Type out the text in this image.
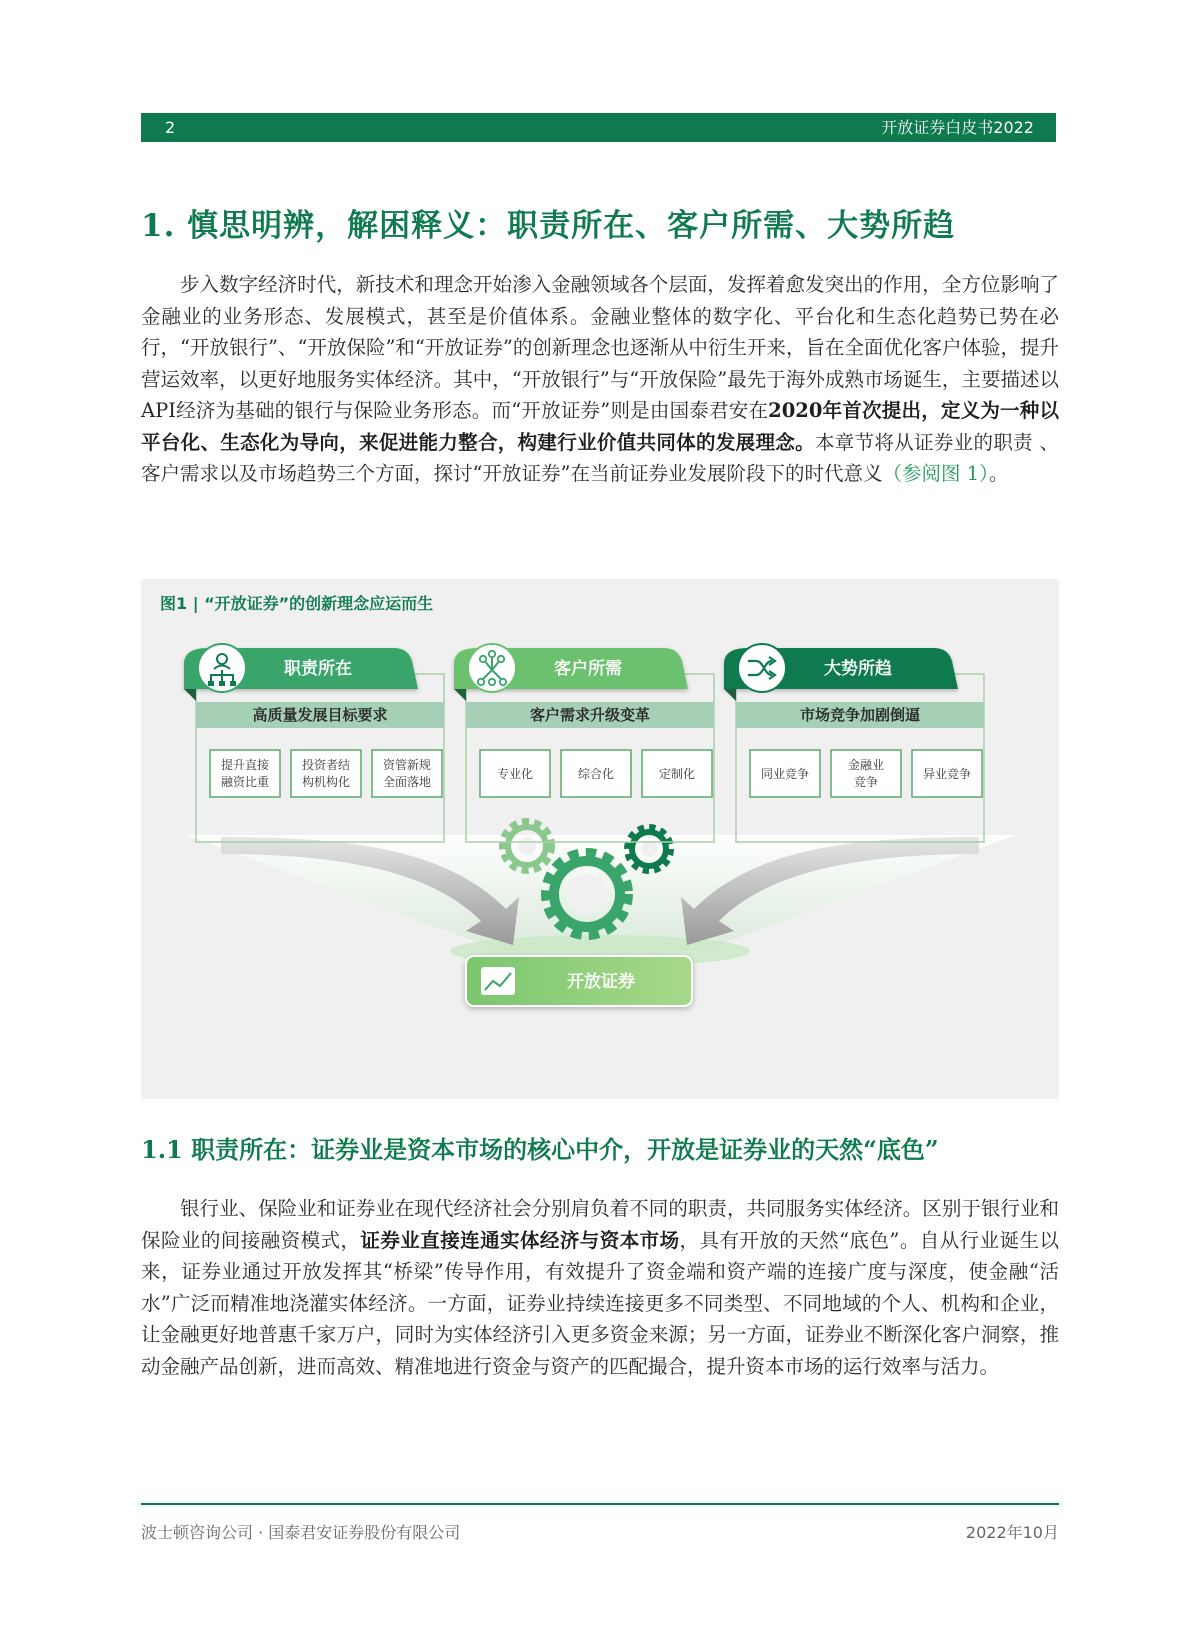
2	开放证券白皮书2022
1. 慎思明辨，解困释义：职责所在、客户所需、大势所趋

步入数字经济时代，新技术和理念开始渗入金融领域各个层面，发挥着愈发突出的作用，全方位影响了金融业的业务形态、发展模式，甚至是价值体系。金融业整体的数字化、平台化和生态化趋势已势在必行，“开放银行”、“开放保险”和“开放证券”的创新理念也逐渐从中衍生开来，旨在全面优化客户体验，提升营运效率，以更好地服务实体经济。其中，“开放银行”与“开放保险”最先于海外成熟市场诞生，主要描述以API经济为基础的银行与保险业务形态。而“开放证券”则是由国泰君安在2020年首次提出，定义为一种以平台化、生态化为导向，来促进能力整合，构建行业价值共同体的发展理念。本章节将从证券业的职责 、客户需求以及市场趋势三个方面，探讨“开放证券”在当前证券业发展阶段下的时代意义（参阅图 1）。

职责所在
高质量发展目标要求
提升直接
融资比重
投资者结
构机构化
资管新规
全面落地
客户所需
客户需求升级变革
专业化	综合化	定制化
大势所趋
市场竞争加剧倒逼
同业竞争
金融业
竞争
异业竞争
开放证券
图1 | “开放证券”的创新理念应运而生
1.1 职责所在：证券业是资本市场的核心中介，开放是证券业的天然“底色”

银行业、保险业和证券业在现代经济社会分别肩负着不同的职责，共同服务实体经济。区别于银行业和保险业的间接融资模式，证券业直接连通实体经济与资本市场，具有开放的天然“底色”。自从行业诞生以来，证券业通过开放发挥其“桥梁”传导作用，有效提升了资金端和资产端的连接广度与深度，使金融“活水”广泛而精准地浇灌实体经济。一方面，证券业持续连接更多不同类型、不同地域的个人、机构和企业，让金融更好地普惠千家万户，同时为实体经济引入更多资金来源；另一方面，证券业不断深化客户洞察，推动金融产品创新，进而高效、精准地进行资金与资产的匹配撮合，提升资本市场的运行效率与活力。

波士顿咨询公司 · 国泰君安证券股份有限公司	2022年10月
